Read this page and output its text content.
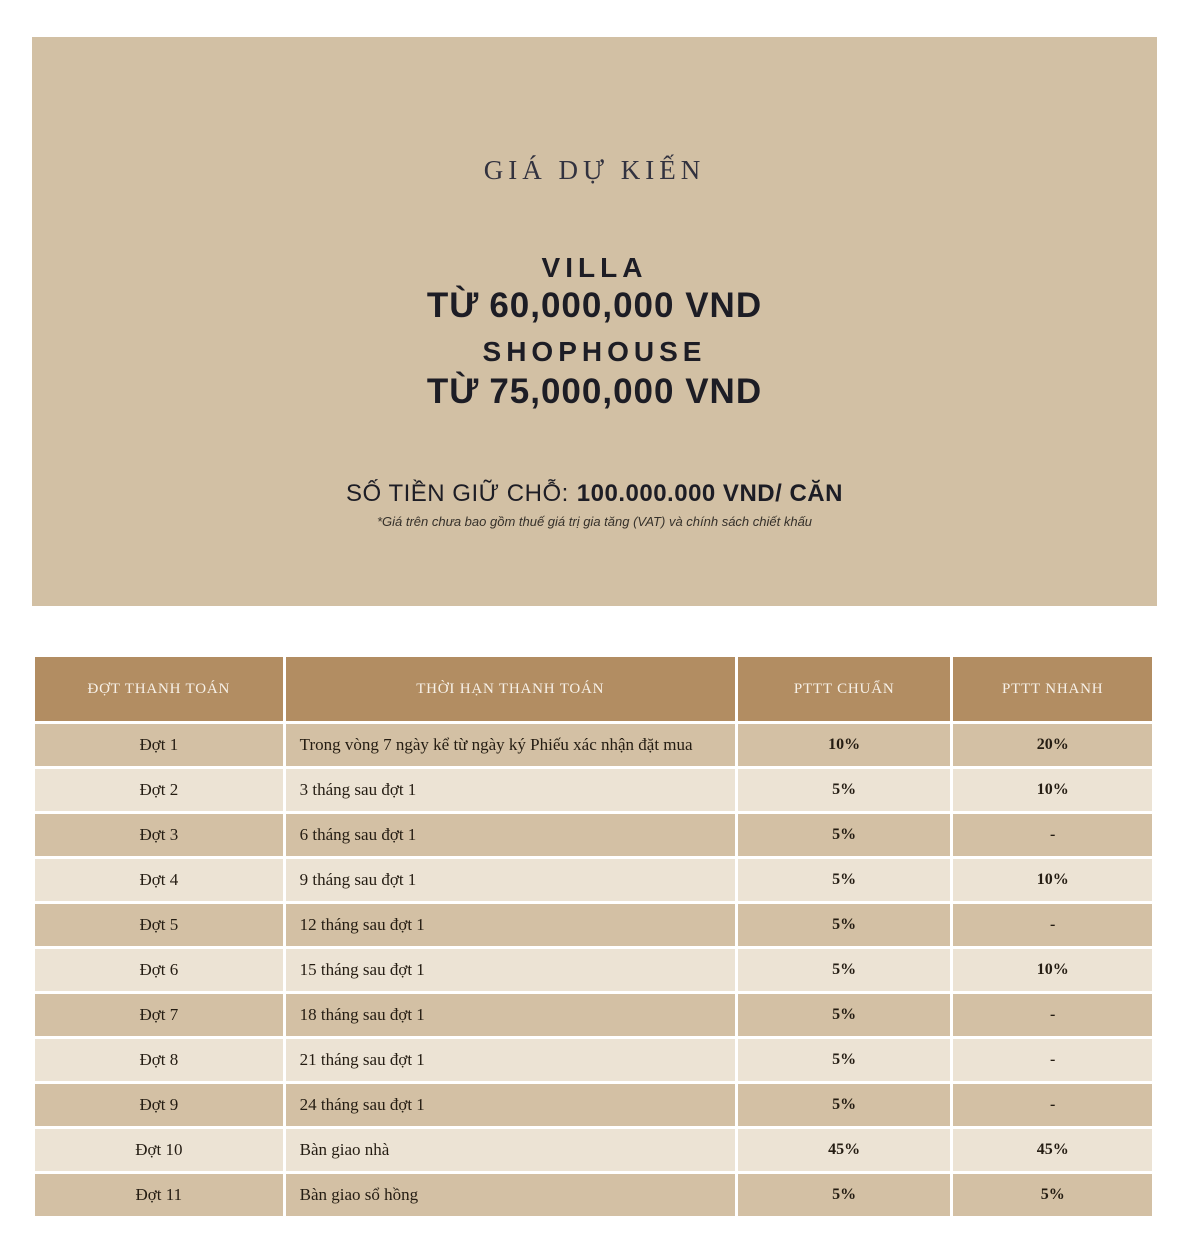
GIÁ DỰ KIẾN
VILLA
TỪ 60,000,000 VND
SHOPHOUSE
TỪ 75,000,000 VND
SỐ TIỀN GIỮ CHỖ: 100.000.000 VND/ CĂN

*Giá trên chưa bao gồm thuế giá trị gia tăng (VAT) và chính sách chiết khấu

ĐỢT THANH TOÁN	THỜI HẠN THANH TOÁN	PTTT CHUẨN	PTTT NHANH
Đợt 1	Trong vòng 7 ngày kể từ ngày ký Phiếu xác nhận đặt mua	10%	20%
Đợt 2	3 tháng sau đợt 1	5%	10%
Đợt 3	6 tháng sau đợt 1	5%	-
Đợt 4	9 tháng sau đợt 1	5%	10%
Đợt 5	12 tháng sau đợt 1	5%	-
Đợt 6	15 tháng sau đợt 1	5%	10%
Đợt 7	18 tháng sau đợt 1	5%	-
Đợt 8	21 tháng sau đợt 1	5%	-
Đợt 9	24 tháng sau đợt 1	5%	-
Đợt 10	Bàn giao nhà	45%	45%
Đợt 11	Bàn giao sổ hồng	5%	5%
